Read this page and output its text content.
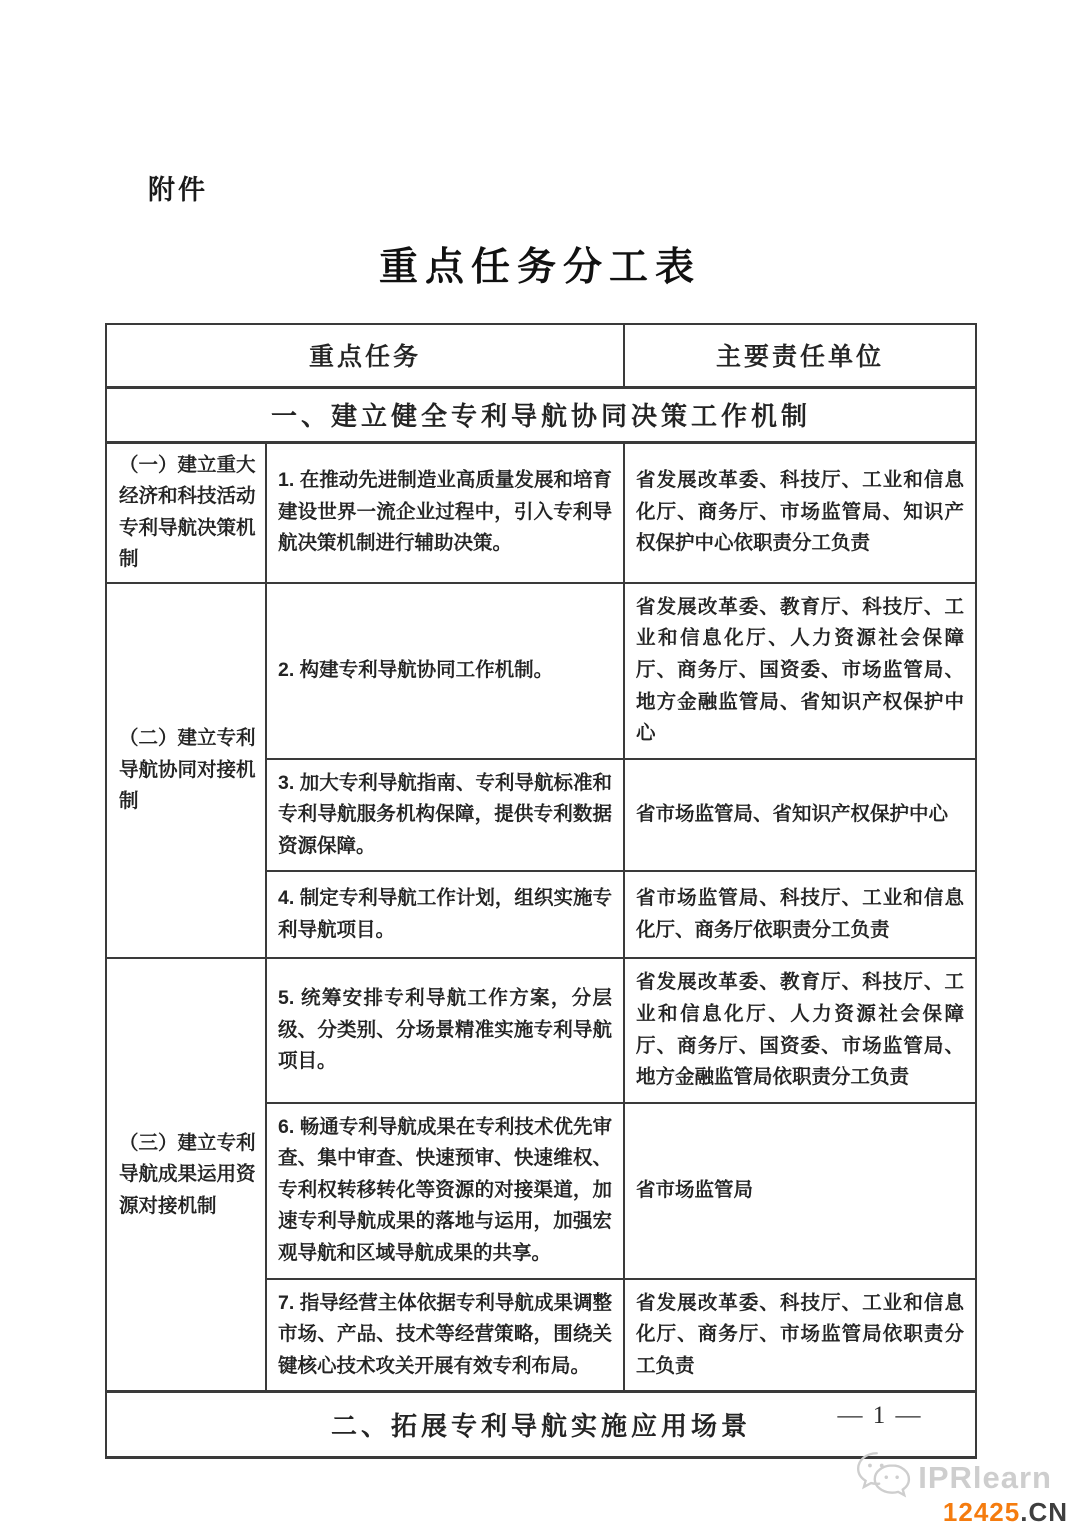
附件
重点任务分工表
重点任务		主要责任单位
一、建立健全专利导航协同决策工作机制		
（一）建立重大经济和科技活动专利导航决策机制	1. 在推动先进制造业高质量发展和培育建设世界一流企业过程中，引入专利导航决策机制进行辅助决策。	省发展改革委、科技厅、工业和信息化厅、商务厅、市场监管局、知识产权保护中心依职责分工负责
（二）建立专利导航协同对接机制	2. 构建专利导航协同工作机制。	省发展改革委、教育厅、科技厅、工业和信息化厅、人力资源社会保障厅、商务厅、国资委、市场监管局、地方金融监管局、省知识产权保护中心
	3. 加大专利导航指南、专利导航标准和专利导航服务机构保障，提供专利数据资源保障。	省市场监管局、省知识产权保护中心
	4. 制定专利导航工作计划，组织实施专利导航项目。	省市场监管局、科技厅、工业和信息化厅、商务厅依职责分工负责
（三）建立专利导航成果运用资源对接机制	5. 统筹安排专利导航工作方案，分层级、分类别、分场景精准实施专利导航项目。	省发展改革委、教育厅、科技厅、工业和信息化厅、人力资源社会保障厅、商务厅、国资委、市场监管局、地方金融监管局依职责分工负责
	6. 畅通专利导航成果在专利技术优先审查、集中审查、快速预审、快速维权、专利权转移转化等资源的对接渠道，加速专利导航成果的落地与运用，加强宏观导航和区域导航成果的共享。	省市场监管局
	7. 指导经营主体依据专利导航成果调整市场、产品、技术等经营策略，围绕关键核心技术攻关开展有效专利布局。	省发展改革委、科技厅、工业和信息化厅、商务厅、市场监管局依职责分工负责
二、拓展专利导航实施应用场景			— 1 —
IPRlearn
12425.CN
